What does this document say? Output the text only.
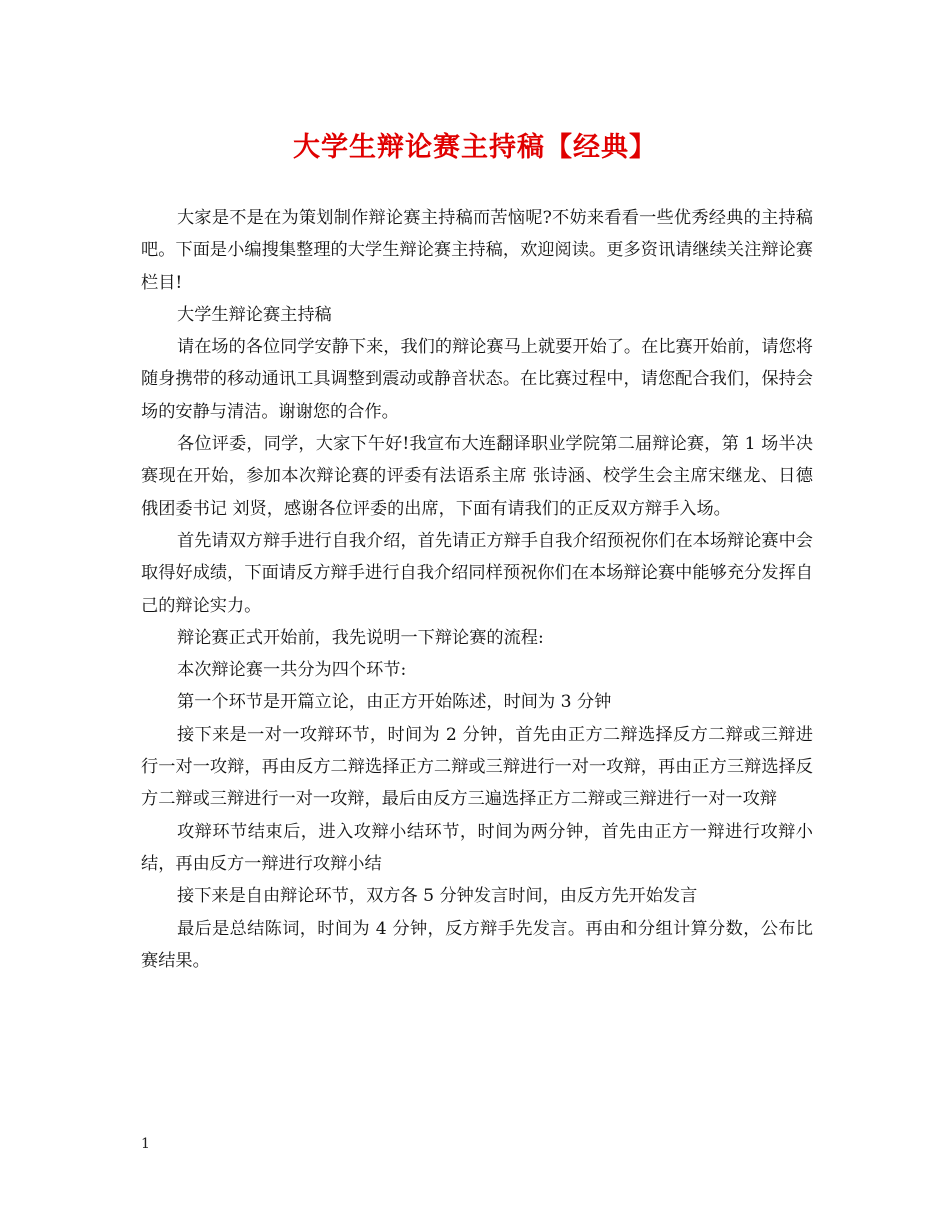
大学生辩论赛主持稿【经典】

大家是不是在为策划制作辩论赛主持稿而苦恼呢?不妨来看看一些优秀经典的主持稿吧。下面是小编搜集整理的大学生辩论赛主持稿，欢迎阅读。更多资讯请继续关注辩论赛栏目!

大学生辩论赛主持稿

请在场的各位同学安静下来，我们的辩论赛马上就要开始了。在比赛开始前，请您将随身携带的移动通讯工具调整到震动或静音状态。在比赛过程中，请您配合我们，保持会场的安静与清洁。谢谢您的合作。

各位评委，同学，大家下午好!我宣布大连翻译职业学院第二届辩论赛，第 1 场半决赛现在开始，参加本次辩论赛的评委有法语系主席 张诗涵、校学生会主席宋继龙、日德俄团委书记 刘贤，感谢各位评委的出席，下面有请我们的正反双方辩手入场。

首先请双方辩手进行自我介绍，首先请正方辩手自我介绍预祝你们在本场辩论赛中会取得好成绩，下面请反方辩手进行自我介绍同样预祝你们在本场辩论赛中能够充分发挥自己的辩论实力。

辩论赛正式开始前，我先说明一下辩论赛的流程:

本次辩论赛一共分为四个环节:

第一个环节是开篇立论，由正方开始陈述，时间为 3 分钟

接下来是一对一攻辩环节，时间为 2 分钟，首先由正方二辩选择反方二辩或三辩进行一对一攻辩，再由反方二辩选择正方二辩或三辩进行一对一攻辩，再由正方三辩选择反方二辩或三辩进行一对一攻辩，最后由反方三遍选择正方二辩或三辩进行一对一攻辩

攻辩环节结束后，进入攻辩小结环节，时间为两分钟，首先由正方一辩进行攻辩小结，再由反方一辩进行攻辩小结

接下来是自由辩论环节，双方各 5 分钟发言时间，由反方先开始发言

最后是总结陈词，时间为 4 分钟，反方辩手先发言。再由和分组计算分数，公布比赛结果。

1
